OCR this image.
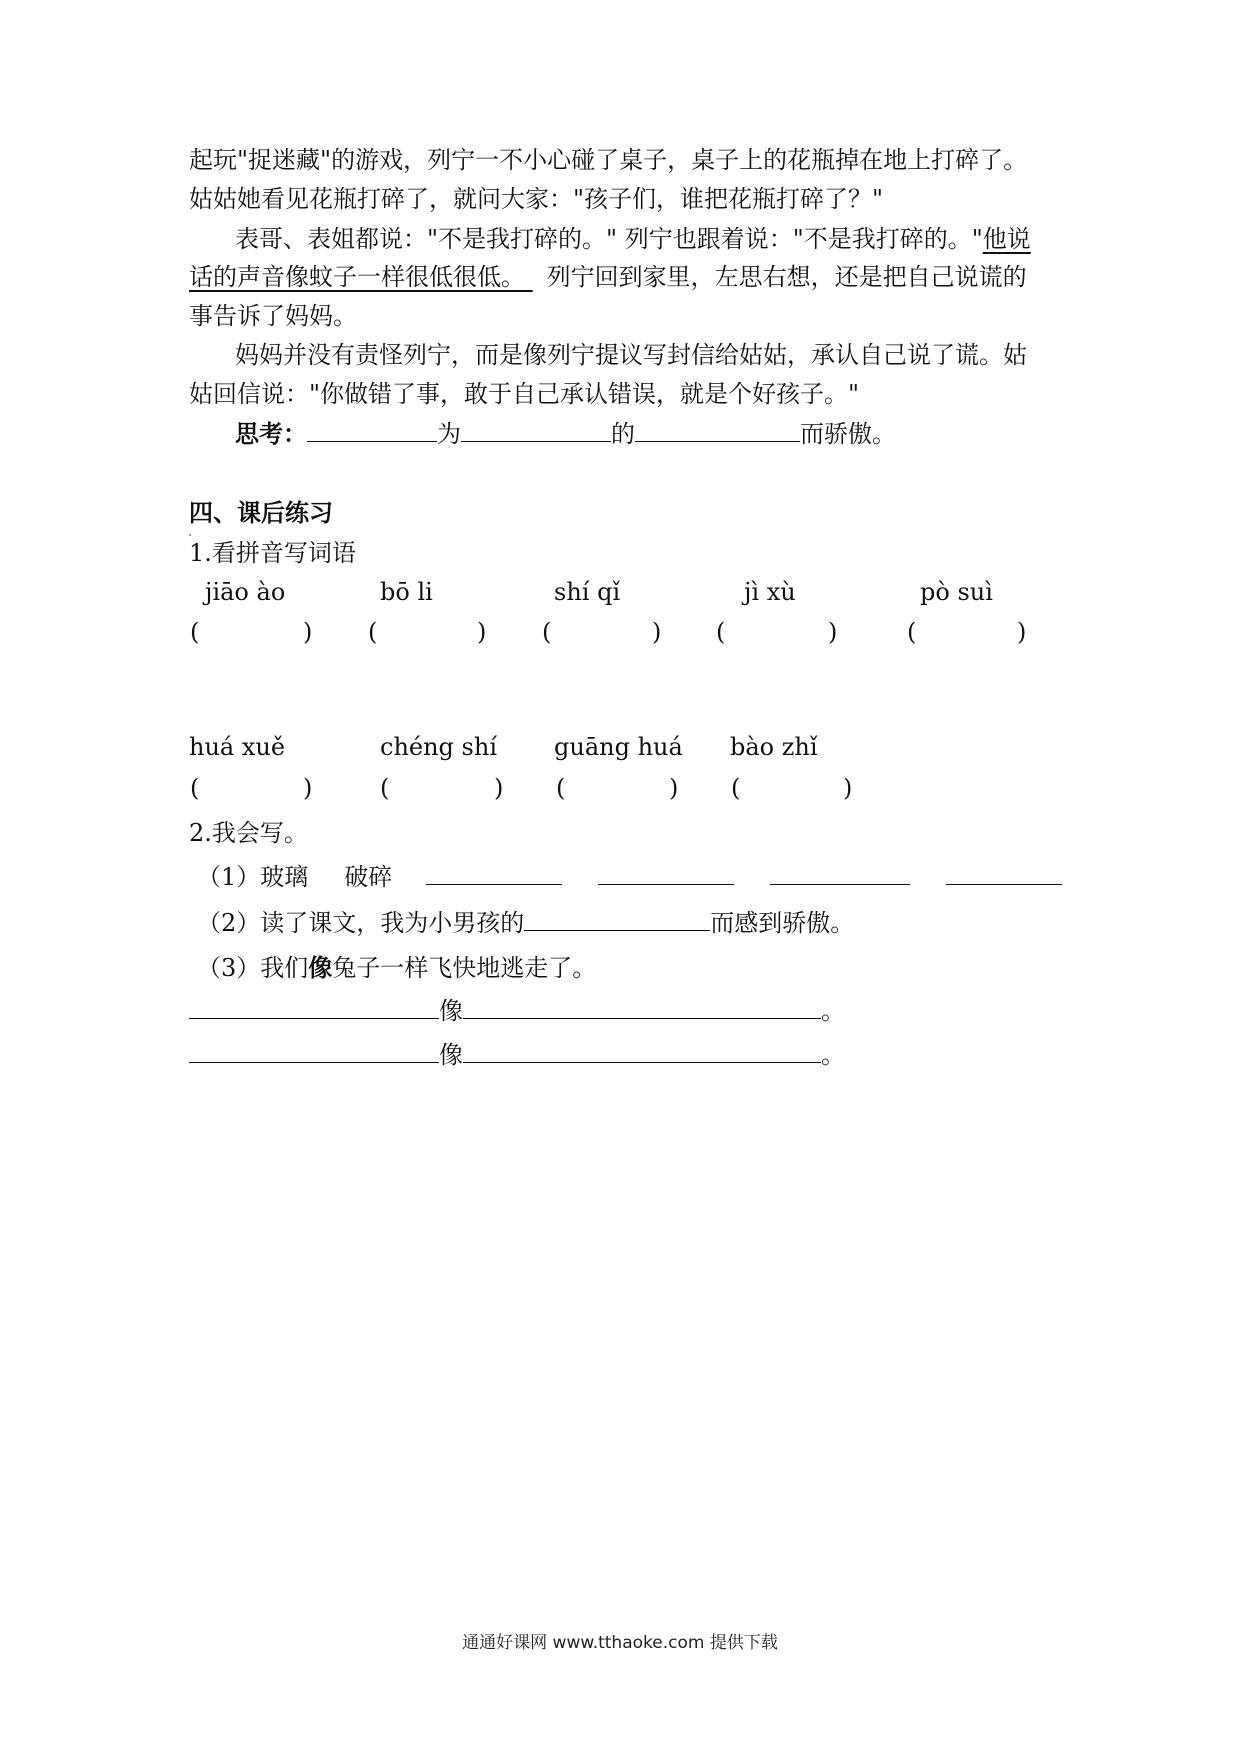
起玩"捉迷藏"的游戏，列宁一不小心碰了桌子，桌子上的花瓶掉在地上打碎了。
姑姑她看见花瓶打碎了，就问大家："孩子们，谁把花瓶打碎了？"
表哥、表姐都说："不是我打碎的。" 列宁也跟着说："不是我打碎的。"他说
话的声音像蚊子一样很低很低。  列宁回到家里，左思右想，还是把自己说谎的
事告诉了妈妈。
妈妈并没有责怪列宁，而是像列宁提议写封信给姑姑，承认自己说了谎。姑
姑回信说："你做错了事，敢于自己承认错误，就是个好孩子。"
思考：	为	的	而骄傲。
四、课后练习
1.看拼音写词语
jiāo ào	bō li	shí qǐ	jì xù	pò suì
(	) (	) (	) (	)	(	)
huá xuě	chéng shí guāng huá bào zhǐ
(	)	(	) (	) (	)
2.我会写。
（1）玻璃 破碎
（2）读了课文，我为小男孩的	而感到骄傲。
（3）我们像兔子一样飞快地逃走了。
像	。
像	。
通通好课网 www.tthaoke.com 提供下载
